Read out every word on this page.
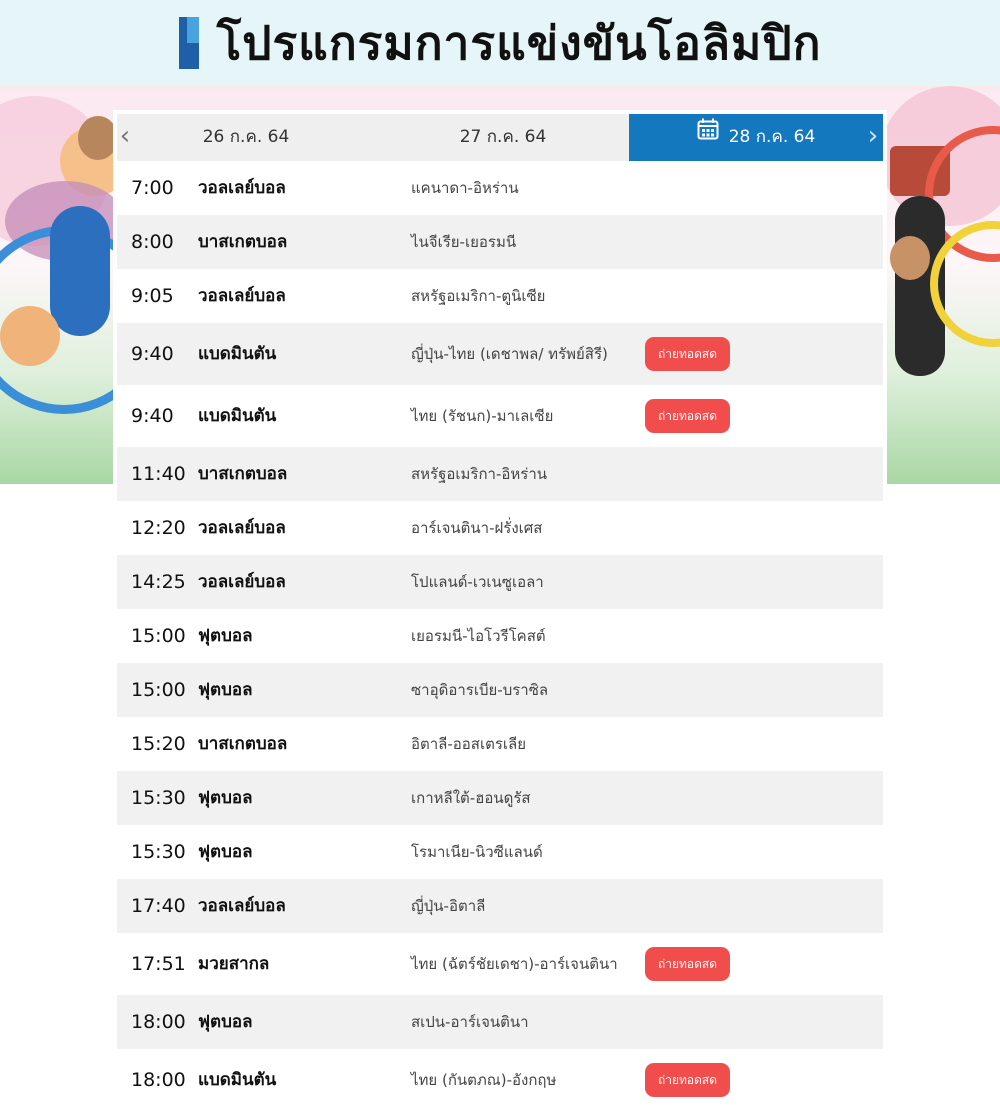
โปรแกรมการแข่งขันโอลิมปิก
‹	26 ก.ค. 64	27 ก.ค. 64	28 ก.ค. 64	›
7:00 วอลเลย์บอล	แคนาดา-อิหร่าน
8:00 บาสเกตบอล	ไนจีเรีย-เยอรมนี
9:05 วอลเลย์บอล	สหรัฐอเมริกา-ตูนิเซีย
9:40 แบดมินตัน	ญี่ปุ่น-ไทย (เดชาพล/ ทรัพย์สิรี)	ถ่ายทอดสด
9:40 แบดมินตัน	ไทย (รัชนก)-มาเลเซีย	ถ่ายทอดสด
11:40 บาสเกตบอล	สหรัฐอเมริกา-อิหร่าน
12:20 วอลเลย์บอล	อาร์เจนตินา-ฝรั่งเศส
14:25 วอลเลย์บอล	โปแลนด์-เวเนซูเอลา
15:00 ฟุตบอล	เยอรมนี-ไอโวรีโคสต์
15:00 ฟุตบอล	ซาอุดิอารเบีย-บราซิล
15:20 บาสเกตบอล	อิตาลี-ออสเตรเลีย
15:30 ฟุตบอล	เกาหลีใต้-ฮอนดูรัส
15:30 ฟุตบอล	โรมาเนีย-นิวซีแลนด์
17:40 วอลเลย์บอล	ญี่ปุ่น-อิตาลี
17:51 มวยสากล	ไทย (ฉัตร์ชัยเดชา)-อาร์เจนตินา	ถ่ายทอดสด
18:00 ฟุตบอล	สเปน-อาร์เจนตินา
18:00 แบดมินตัน	ไทย (กันตภณ)-อังกฤษ	ถ่ายทอดสด
